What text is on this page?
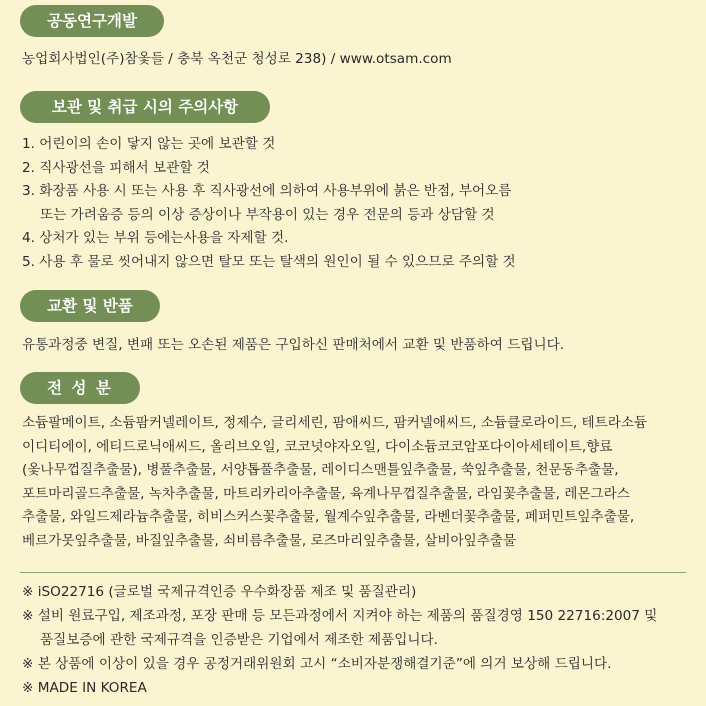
공동연구개발
농업회사법인(주)참옻들 / 충북 옥천군 청성로 238) / www.otsam.com
보관 및 취급 시의 주의사항
1. 어린이의 손이 닿지 않는 곳에 보관할 것
2. 직사광선을 피해서 보관할 것
3. 화장품 사용 시 또는 사용 후 직사광선에 의하여 사용부위에 붉은 반점, 부어오름
또는 가려움증 등의 이상 증상이나 부작용이 있는 경우 전문의 등과 상담할 것
4. 상처가 있는 부위 등에는사용을 자제할 것.
5. 사용 후 물로 씻어내지 않으면 탈모 또는 탈색의 원인이 될 수 있으므로 주의할 것
교환 및 반품
유통과정중 변질, 변패 또는 오손된 제품은 구입하신 판매처에서 교환 및 반품하여 드립니다.
전 성 분
소듐팔메이트, 소듐팜커넬레이트, 정제수, 글리세린, 팜애씨드, 팜커넬애씨드, 소듐클로라이드, 테트라소듐
이디티에이, 에티드로닉애씨드, 올리브오일, 코코넛야자오일, 다이소듐코코암포다이아세테이트,향료
(옻나무껍질추출물), 병풀추출물, 서양톱풀추출물, 레이디스맨틀잎추출물, 쑥잎추출물, 천문동추출물,
포트마리골드추출물, 녹차추출물, 마트리카리아추출물, 육계나무껍질추출물, 라임꽃추출물, 레몬그라스
추출물, 와일드제라늄추출물, 히비스커스꽃추출물, 월계수잎추출물, 라벤더꽃추출물, 페퍼민트잎추출물,
베르가못잎추출물, 바질잎추출물, 쇠비름추출물, 로즈마리잎추출물, 살비아잎추출물
※ iSO22716 (글로벌 국제규격인증 우수화장품 제조 및 품질관리)
※ 설비 원료구입, 제조과정, 포장 판매 등 모든과정에서 지켜야 하는 제품의 품질경영 150 22716:2007 및
품질보증에 관한 국제규격을 인증받은 기업에서 제조한 제품입니다.
※ 본 상품에 이상이 있을 경우 공정거래위원회 고시 “소비자분쟁해결기준”에 의거 보상해 드립니다.
※ MADE IN KOREA
